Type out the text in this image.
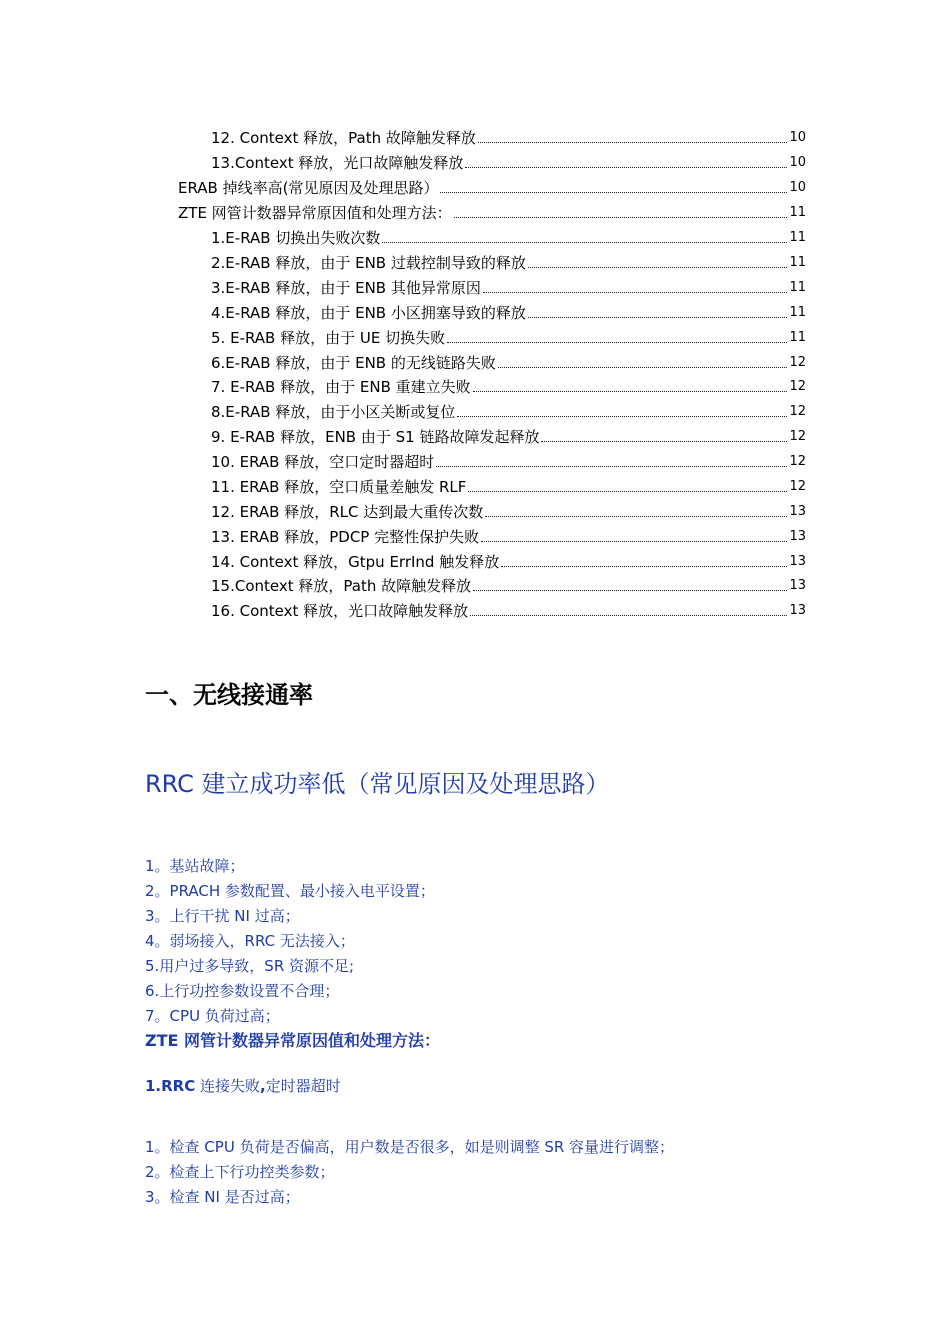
12. Context 释放，Path 故障触发释放	10
13.Context 释放，光口故障触发释放	10
ERAB 掉线率高(常见原因及处理思路）	10
ZTE 网管计数器异常原因值和处理方法：	11
1.E-RAB 切换出失败次数	11
2.E-RAB 释放，由于 ENB 过载控制导致的释放	11
3.E-RAB 释放，由于 ENB 其他异常原因	11
4.E-RAB 释放，由于 ENB 小区拥塞导致的释放	11
5. E-RAB 释放，由于 UE 切换失败	11
6.E-RAB 释放，由于 ENB 的无线链路失败	12
7. E-RAB 释放，由于 ENB 重建立失败	12
8.E-RAB 释放，由于小区关断或复位	12
9. E-RAB 释放，ENB 由于 S1 链路故障发起释放	12
10. ERAB 释放，空口定时器超时	12
11. ERAB 释放，空口质量差触发 RLF	12
12. ERAB 释放，RLC 达到最大重传次数	13
13. ERAB 释放，PDCP 完整性保护失败	13
14. Context 释放，Gtpu ErrInd 触发释放	13
15.Context 释放，Path 故障触发释放	13
16. Context 释放，光口故障触发释放	13
一、无线接通率
RRC 建立成功率低（常见原因及处理思路）
1。基站故障；
2。PRACH 参数配置、最小接入电平设置；
3。上行干扰 NI 过高；
4。弱场接入，RRC 无法接入；
5.用户过多导致，SR 资源不足;
6.上行功控参数设置不合理；
7。CPU 负荷过高；
ZTE 网管计数器异常原因值和处理方法：
1.RRC 连接失败,定时器超时
1。检查 CPU 负荷是否偏高，用户数是否很多，如是则调整 SR 容量进行调整；
2。检查上下行功控类参数；
3。检查 NI 是否过高；
